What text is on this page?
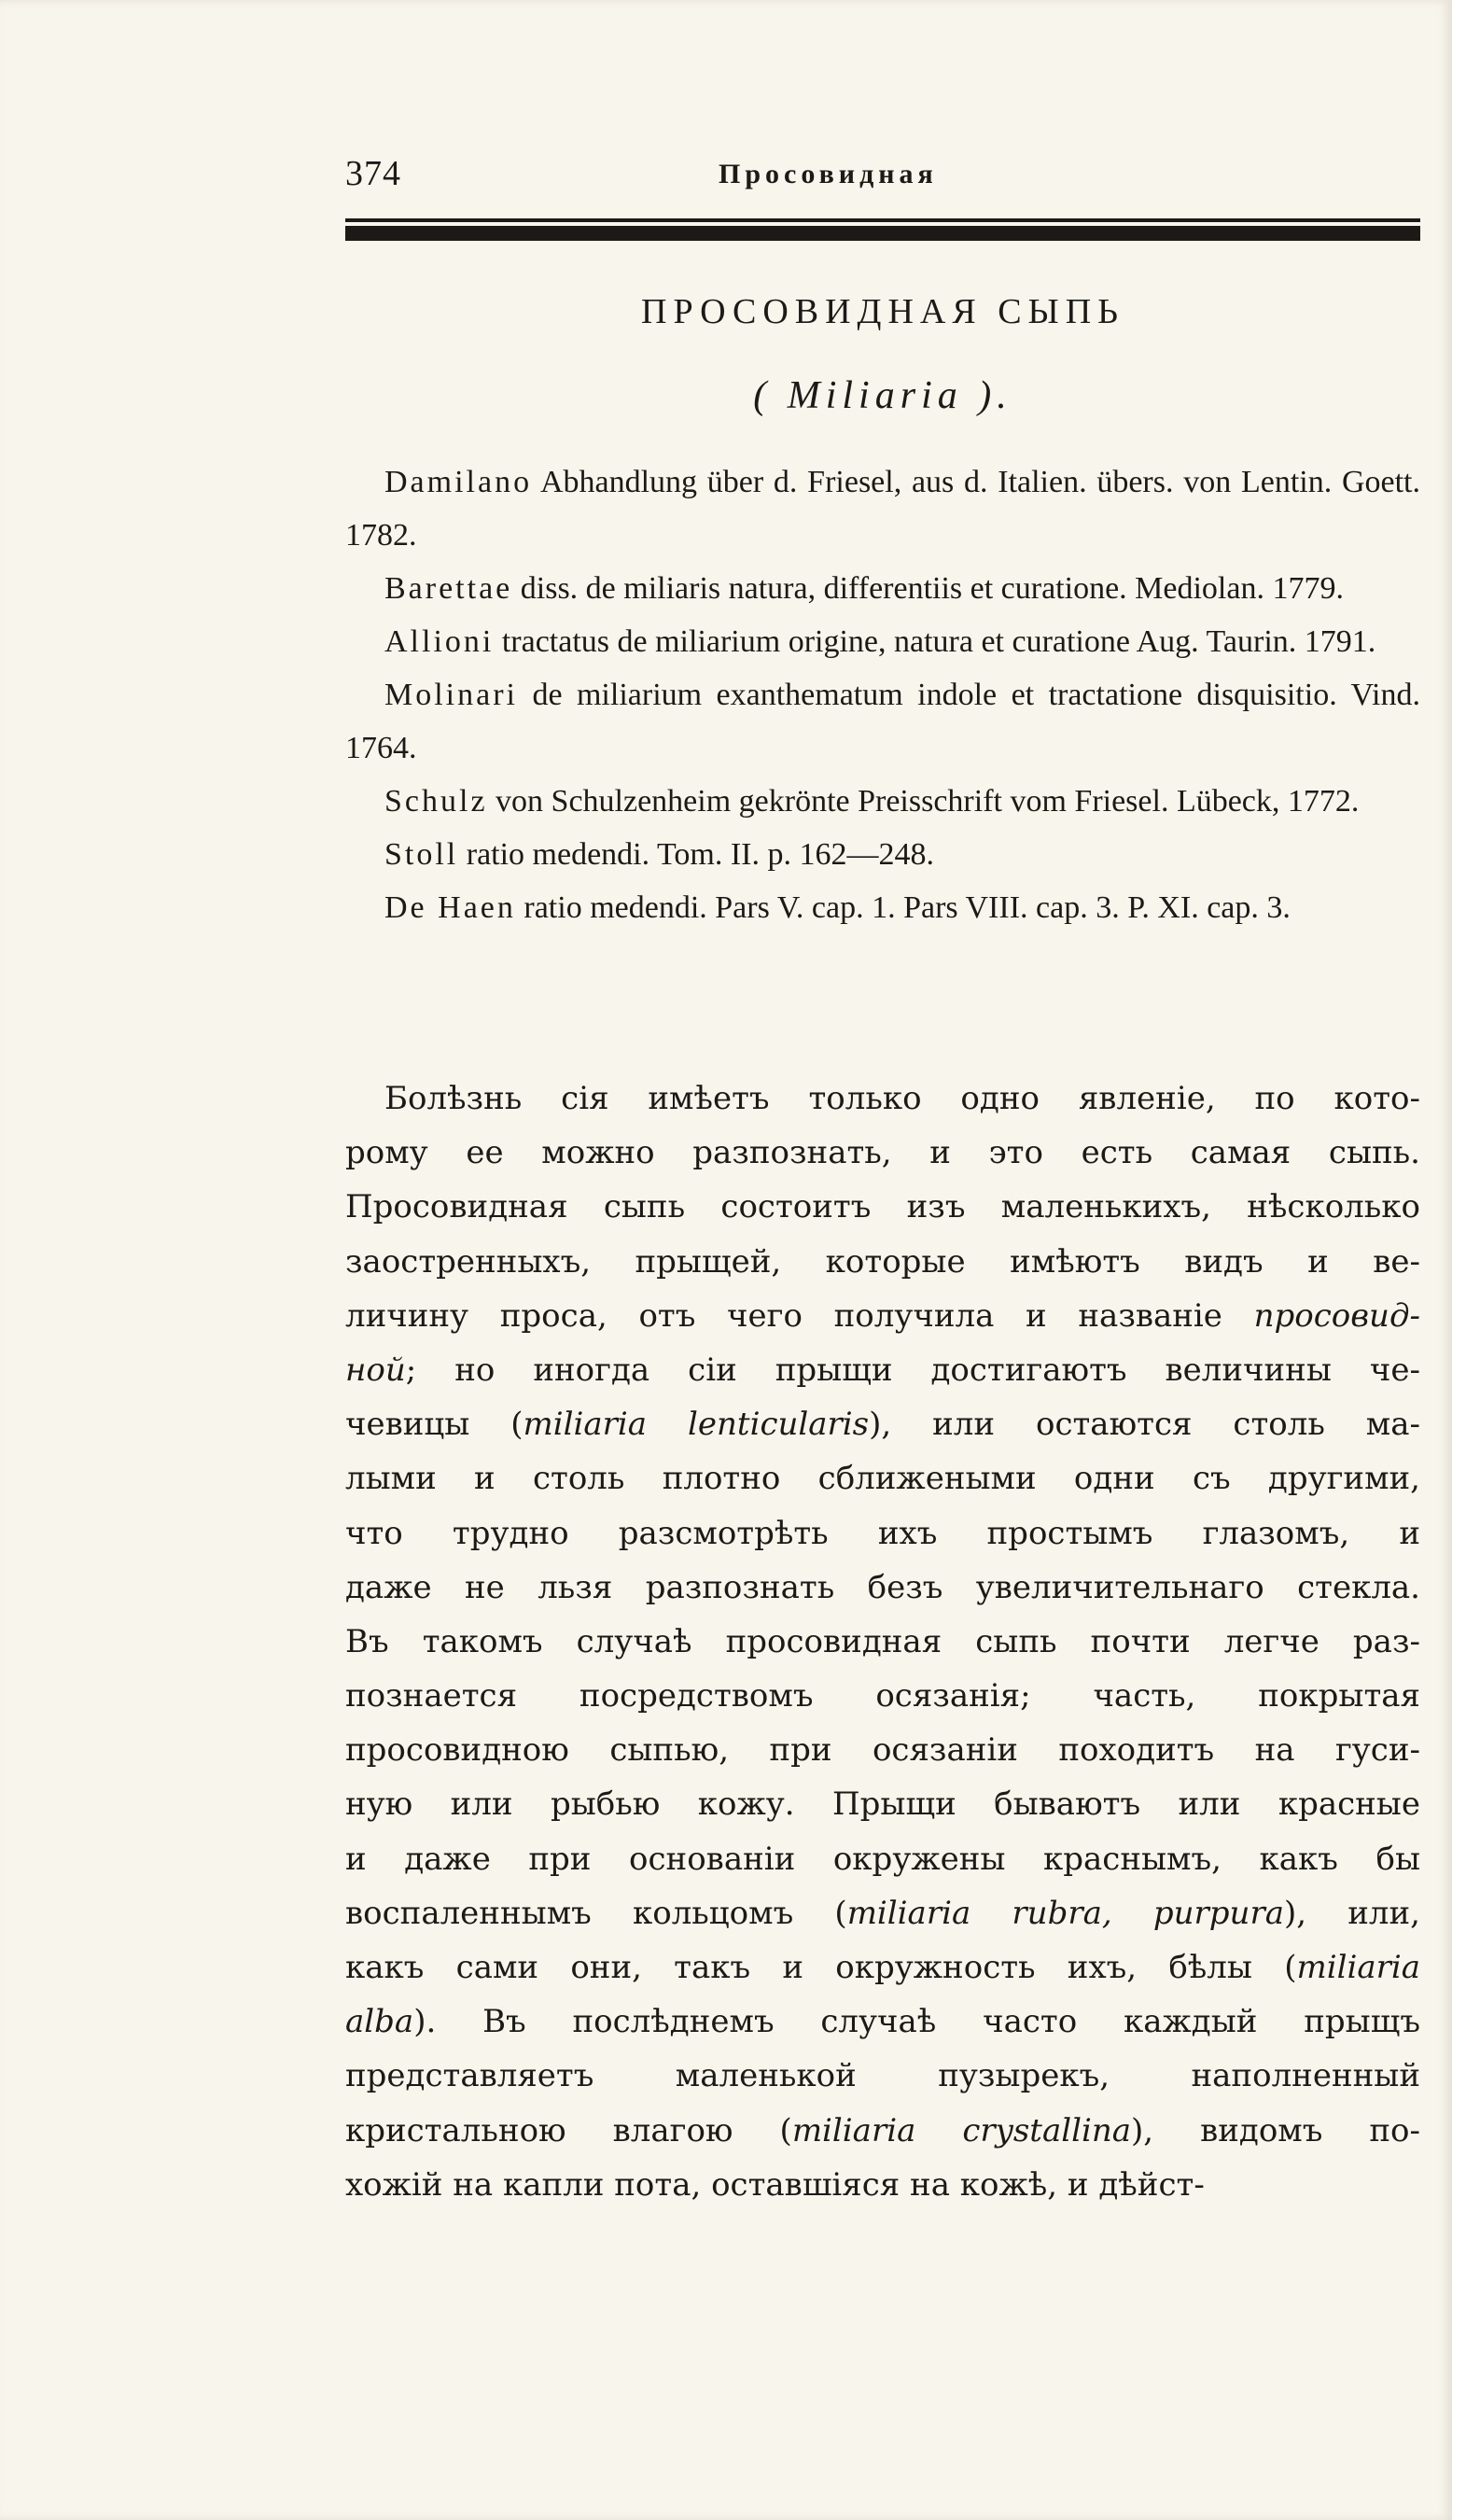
374	Просовидная
ПРОСОВИДНАЯ СЫПЬ
( Miliaria ).

Damilano Abhandlung über d. Friesel, aus d. Italien. übers. von Lentin. Goett. 1782.

Barettae diss. de miliaris natura, differentiis et curatione. Mediolan. 1779.

Allioni tractatus de miliarium origine, natura et curatione Aug. Taurin. 1791.

Molinari de miliarium exanthematum indole et tractatione disquisitio. Vind. 1764.

Schulz von Schulzenheim gekrönte Preisschrift vom Friesel. Lübeck, 1772.

Stoll ratio medendi. Tom. II. p. 162—248.

De Haen ratio medendi. Pars V. cap. 1. Pars VIII. cap. 3. P. XI. cap. 3.

Болѣзнь сія имѣетъ только одно явленіе, по кото-
рому ее можно разпознать, и это есть самая сыпь.
Просовидная сыпь состоитъ изъ маленькихъ, нѣсколько
заостренныхъ, прыщей, которые имѣютъ видъ и ве-
личину проса, отъ чего получила и названіе просовид-
ной; но иногда сіи прыщи достигаютъ величины че-
чевицы (miliaria lenticularis), или остаются столь ма-
лыми и столь плотно сближеными одни съ другими,
что трудно разсмотрѣть ихъ простымъ глазомъ, и
даже не льзя разпознать безъ увеличительнаго стекла.
Въ такомъ случаѣ просовидная сыпь почти легче раз-
познается посредствомъ осязанія; часть, покрытая
просовидною сыпью, при осязаніи походитъ на гуси-
ную или рыбью кожу. Прыщи бываютъ или красные
и даже при основаніи окружены краснымъ, какъ бы
воспаленнымъ кольцомъ (miliaria rubra, purpura), или,
какъ сами они, такъ и окружность ихъ, бѣлы (miliaria
alba). Въ послѣднемъ случаѣ часто каждый прыщъ
представляетъ маленькой пузырекъ, наполненный
кристальною влагою (miliaria crystallina), видомъ по-
хожій на капли пота, оставшіяся на кожѣ, и дѣйст-
